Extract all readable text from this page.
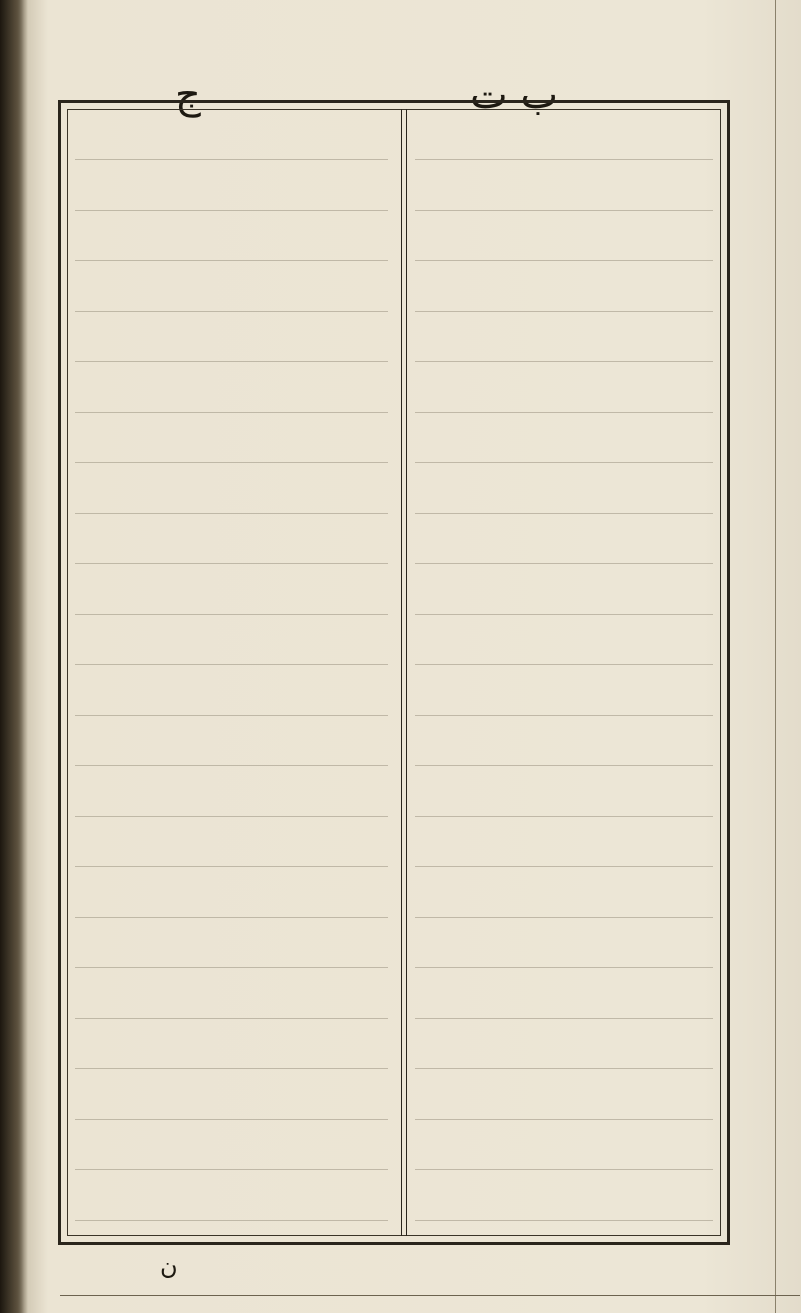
ج	ب ت
ن
